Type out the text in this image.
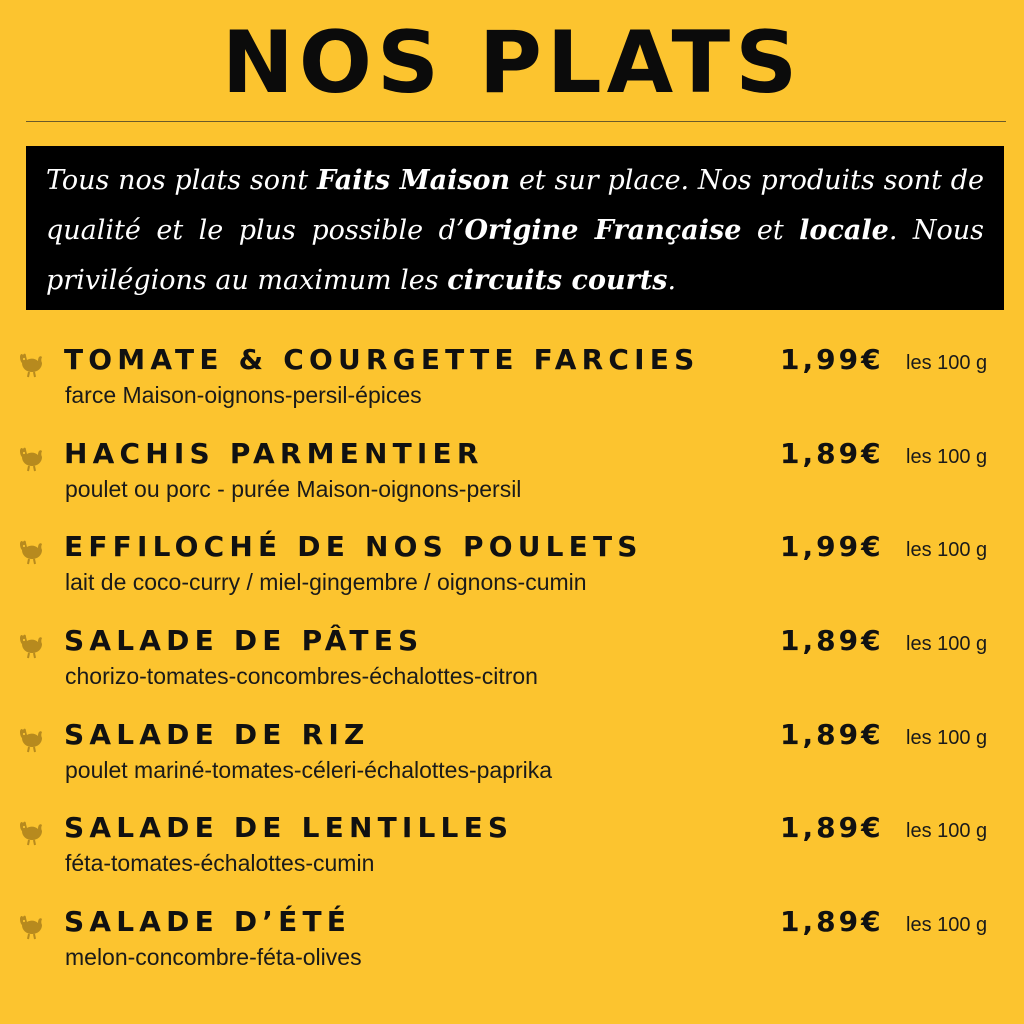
NOS PLATS
Tous nos plats sont Faits Maison et sur place. Nos produits sont de qualité et le plus possible d’Origine Française et locale. Nous privilégions au maximum les circuits courts.
TOMATE & COURGETTE FARCIES
farce Maison-oignons-persil-épices
1,99€ les 100 g
HACHIS PARMENTIER
poulet ou porc - purée Maison-oignons-persil
1,89€ les 100 g
EFFILOCHÉ DE NOS POULETS
lait de coco-curry / miel-gingembre / oignons-cumin
1,99€ les 100 g
SALADE DE PÂTES
chorizo-tomates-concombres-échalottes-citron
1,89€ les 100 g
SALADE DE RIZ
poulet mariné-tomates-céleri-échalottes-paprika
1,89€ les 100 g
SALADE DE LENTILLES
féta-tomates-échalottes-cumin
1,89€ les 100 g
SALADE D’ÉTÉ
melon-concombre-féta-olives
1,89€ les 100 g
